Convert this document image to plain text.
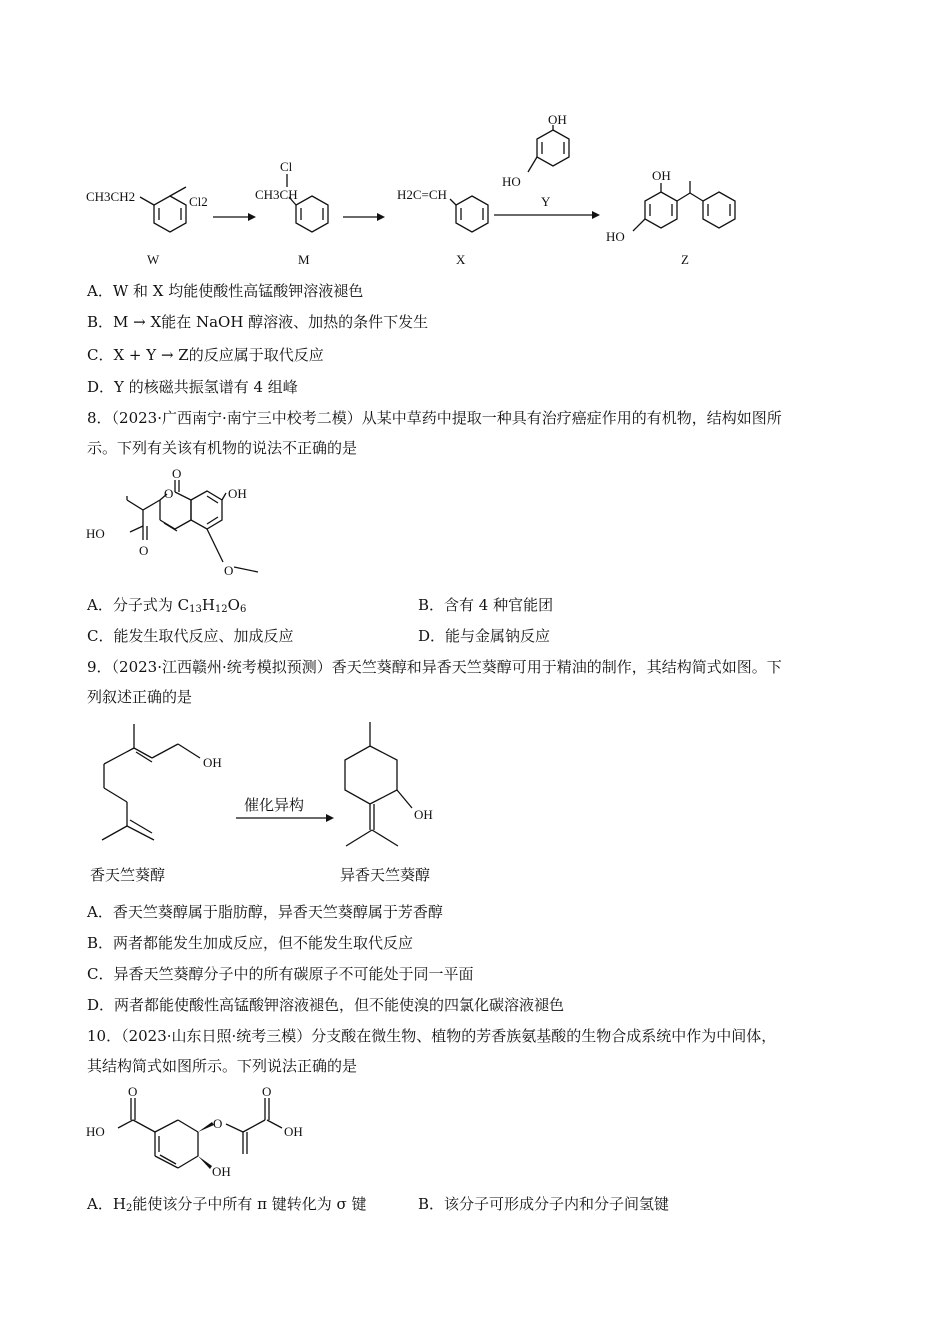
CH3CH2	Cl2
W
Cl
CH3CH
M
H2C=CH
X
OH
HO
Y
OH
HO
Z
A．W 和 X 均能使酸性高锰酸钾溶液褪色
B．M → X能在 NaOH 醇溶液、加热的条件下发生
C．X + Y → Z的反应属于取代反应
D．Y 的核磁共振氢谱有 4 组峰
8．（2023·广西南宁·南宁三中校考二模）从某中草药中提取一种具有治疗癌症作用的有机物，结构如图所
示。下列有关该有机物的说法不正确的是
O
O
OH
HO
O
O
A．分子式为 $C_{13}H_{12}O_6$	B．含有 4 种官能团
C．能发生取代反应、加成反应	D．能与金属钠反应
9．（2023·江西赣州·统考模拟预测）香天竺葵醇和异香天竺葵醇可用于精油的制作，其结构简式如图。下
列叙述正确的是
OH
香天竺葵醇
催化异构
OH
异香天竺葵醇
A．香天竺葵醇属于脂肪醇，异香天竺葵醇属于芳香醇
B．两者都能发生加成反应，但不能发生取代反应
C．异香天竺葵醇分子中的所有碳原子不可能处于同一平面
D．两者都能使酸性高锰酸钾溶液褪色，但不能使溴的四氯化碳溶液褪色
10．（2023·山东日照·统考三模）分支酸在微生物、植物的芳香族氨基酸的生物合成系统中作为中间体，
其结构简式如图所示。下列说法正确的是
O
HO
O
O
OH
OH
A．$H_2$能使该分子中所有 π 键转化为 σ 键	B．该分子可形成分子内和分子间氢键
